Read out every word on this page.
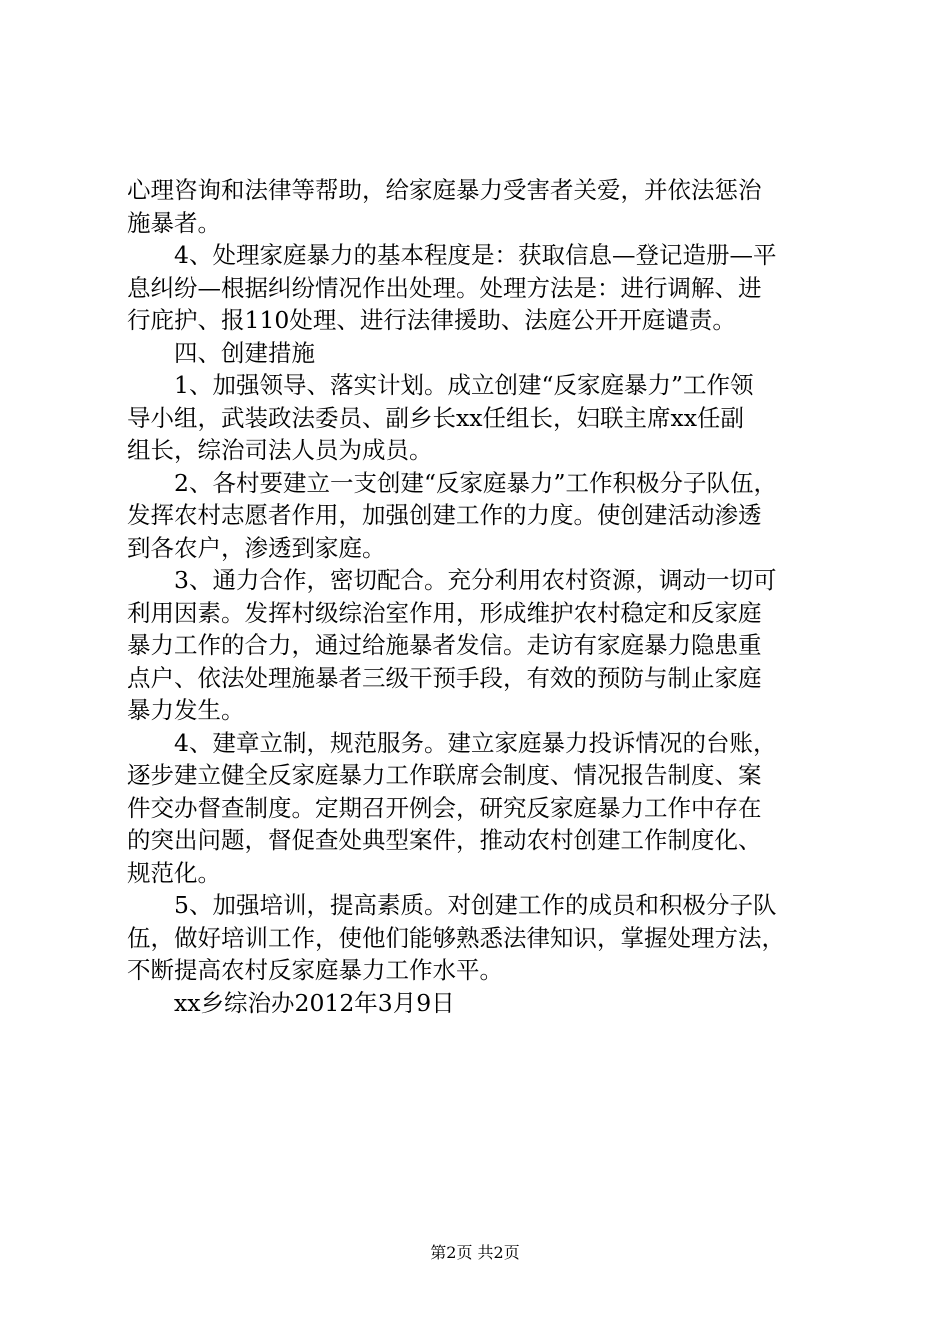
心理咨询和法律等帮助，给家庭暴力受害者关爱，并依法惩治
施暴者。
4、处理家庭暴力的基本程度是：获取信息—登记造册—平
息纠纷—根据纠纷情况作出处理。处理方法是：进行调解、进
行庇护、报110处理、进行法律援助、法庭公开开庭谴责。
四、创建措施
1、加强领导、落实计划。成立创建“反家庭暴力”工作领
导小组，武装政法委员、副乡长xx任组长，妇联主席xx任副
组长，综治司法人员为成员。
2、各村要建立一支创建“反家庭暴力”工作积极分子队伍，
发挥农村志愿者作用，加强创建工作的力度。使创建活动渗透
到各农户，渗透到家庭。
3、通力合作，密切配合。充分利用农村资源，调动一切可
利用因素。发挥村级综治室作用，形成维护农村稳定和反家庭
暴力工作的合力，通过给施暴者发信。走访有家庭暴力隐患重
点户、依法处理施暴者三级干预手段，有效的预防与制止家庭
暴力发生。
4、建章立制，规范服务。建立家庭暴力投诉情况的台账，
逐步建立健全反家庭暴力工作联席会制度、情况报告制度、案
件交办督查制度。定期召开例会，研究反家庭暴力工作中存在
的突出问题，督促查处典型案件，推动农村创建工作制度化、
规范化。
5、加强培训，提高素质。对创建工作的成员和积极分子队
伍，做好培训工作，使他们能够熟悉法律知识，掌握处理方法，
不断提高农村反家庭暴力工作水平。
xx乡综治办2012年3月9日
第2页 共2页
